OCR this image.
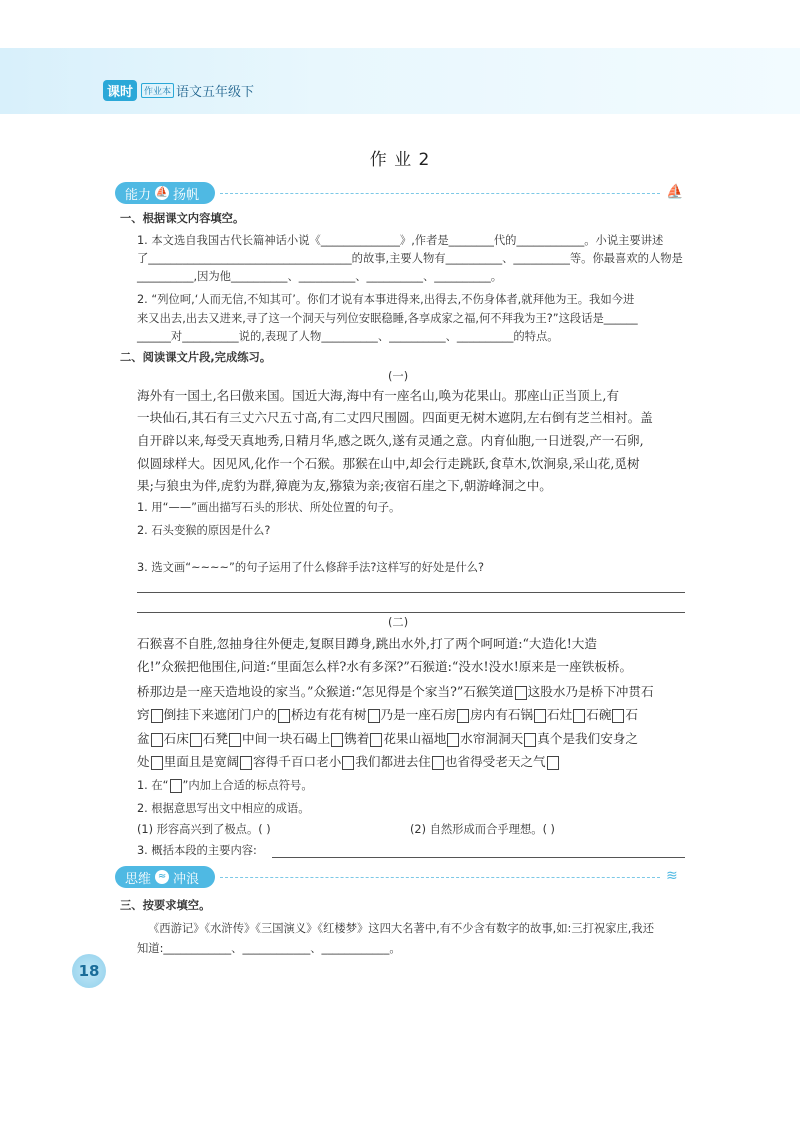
课时	作业本 语文五年级下
作 业 2
能力 ⛵ 扬帆	⛵
一、根据课文内容填空。
1. 本文选自我国古代长篇神话小说《______________》,作者是________代的____________。小说主要讲述
了____________________________________的故事,主要人物有__________、__________等。你最喜欢的人物是
__________,因为他__________、__________、__________、__________。
2. “列位呵,‘人而无信,不知其可’。你们才说有本事进得来,出得去,不伤身体者,就拜他为王。我如今进
来又出去,出去又进来,寻了这一个洞天与列位安眠稳睡,各享成家之福,何不拜我为王?”这段话是______
______对__________说的,表现了人物__________、__________、__________的特点。
二、阅读课文片段,完成练习。
(一)
海外有一国土,名曰傲来国。国近大海,海中有一座名山,唤为花果山。那座山正当顶上,有
一块仙石,其石有三丈六尺五寸高,有二丈四尺围圆。四面更无树木遮阴,左右倒有芝兰相衬。盖
自开辟以来,每受天真地秀,日精月华,感之既久,遂有灵通之意。内育仙胞,一日迸裂,产一石卵,
似圆球样大。因见风,化作一个石猴。那猴在山中,却会行走跳跃,食草木,饮涧泉,采山花,觅树
果;与狼虫为伴,虎豹为群,獐鹿为友,猕猿为亲;夜宿石崖之下,朝游峰洞之中。
1. 用“——”画出描写石头的形状、所处位置的句子。
2. 石头变猴的原因是什么?
3. 选文画“~~~~”的句子运用了什么修辞手法?这样写的好处是什么?
(二)
石猴喜不自胜,忽抽身往外便走,复瞑目蹲身,跳出水外,打了两个呵呵道:“大造化!大造
化!”众猴把他围住,问道:“里面怎么样?水有多深?”石猴道:“没水!没水!原来是一座铁板桥。
桥那边是一座天造地设的家当。”众猴道:“怎见得是个家当?”石猴笑道 这股水乃是桥下冲贯石
窍 倒挂下来遮闭门户的 桥边有花有树 乃是一座石房 房内有石锅 石灶 石碗 石
盆 石床 石凳 中间一块石碣上 镌着 花果山福地 水帘洞洞天 真个是我们安身之
处 里面且是宽阔 容得千百口老小 我们都进去住 也省得受老天之气
1. 在“ ”内加上合适的标点符号。
2. 根据意思写出文中相应的成语。
(1) 形容高兴到了极点。( )	(2) 自然形成而合乎理想。( )
3. 概括本段的主要内容:
思维 ≈ 冲浪	≋
三、按要求填空。
《西游记》《水浒传》《三国演义》《红楼梦》这四大名著中,有不少含有数字的故事,如:三打祝家庄,我还
知道:____________、____________、____________。
18
